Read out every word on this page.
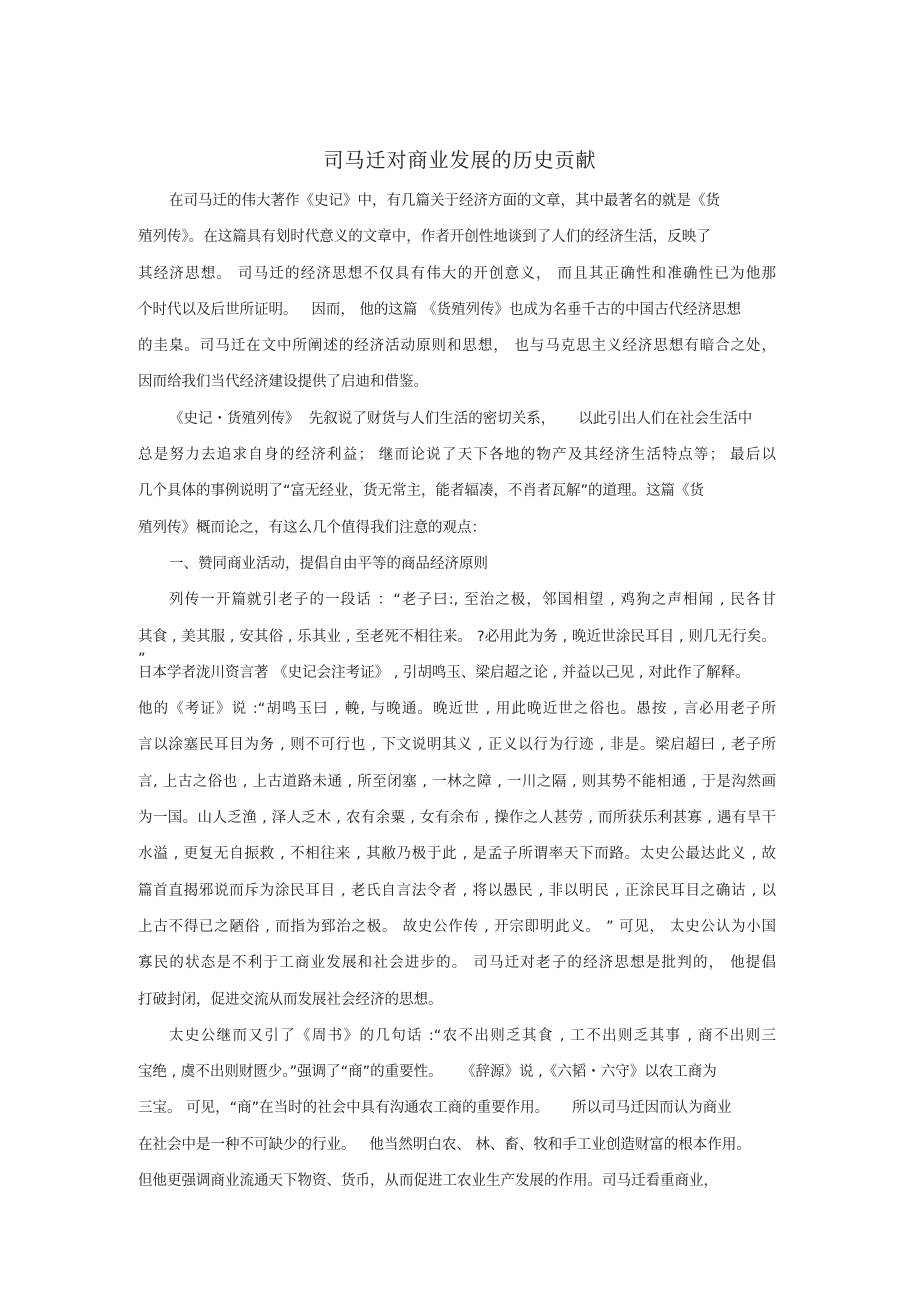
司马迁对商业发展的历史贡献
在司马迁的伟大著作《史记》中，有几篇关于经济方面的文章，其中最著名的就是《货
殖列传》。在这篇具有划时代意义的文章中，作者开创性地谈到了人们的经济生活，反映了
其经济思想。 司马迁的经济思想不仅具有伟大的开创意义， 而且其正确性和准确性已为他那
个时代以及后世所证明。   因而， 他的这篇 《货殖列传》也成为名垂千古的中国古代经济思想
的圭臬。司马迁在文中所阐述的经济活动原则和思想， 也与马克思主义经济思想有暗合之处，
因而给我们当代经济建设提供了启迪和借鉴。
《史记・货殖列传》  先叙说了财货与人们生活的密切关系，     以此引出人们在社会生活中
总是努力去追求自身的经济利益； 继而论说了天下各地的物产及其经济生活特点等； 最后以
几个具体的事例说明了“富无经业，货无常主，能者辐凑，不肖者瓦解”的道理。这篇《货
殖列传》概而论之，有这么几个值得我们注意的观点：
一、赞同商业活动，提倡自由平等的商品经济原则
列传一开篇就引老子的一段话 ：“老子曰:, 至治之极，邻国相望 , 鸡狗之声相闻 , 民各甘
其食 , 美其服 , 安其俗 , 乐其业 , 至老死不相往来。 ?必用此为务 , 晚近世涂民耳目 , 则几无行矣。 ”
日本学者泷川资言著 《史记会注考证》 , 引胡鸣玉、梁启超之论 , 并益以己见 , 对此作了解释。
他的《考证》说 :“胡鸣玉曰 , 輓, 与晚通。晚近世 , 用此晚近世之俗也。愚按 , 言必用老子所
言以涂塞民耳目为务 , 则不可行也 , 下文说明其义 , 正义以行为行迹 , 非是。梁启超曰 , 老子所
言, 上古之俗也 , 上古道路未通 , 所至闭塞 , 一林之障 , 一川之隔 , 则其势不能相通 , 于是沟然画
为一国。山人乏渔 , 泽人乏木 , 农有余粟 , 女有余布 , 操作之人甚劳 , 而所获乐利甚寡 , 遇有旱干
水溢 , 更复无自振救 , 不相往来 , 其敝乃极于此 , 是孟子所谓率天下而路。太史公最达此义 , 故
篇首直揭邪说而斥为涂民耳目 , 老氏自言法令者 , 将以愚民 , 非以明民 , 正涂民耳目之确诂 , 以
上古不得已之陋俗 , 而指为郅治之极。 故史公作传 , 开宗即明此义。 ” 可见， 太史公认为小国
寡民的状态是不利于工商业发展和社会进步的。 司马迁对老子的经济思想是批判的， 他提倡
打破封闭，促进交流从而发展社会经济的思想。
太史公继而又引了《周书》的几句话 :“农不出则乏其食 , 工不出则乏其事 , 商不出则三
宝绝 , 虞不出则财匮少。”强调了“商”的重要性。    《辞源》说 ,《六韬・六守》以农工商为
三宝。 可见，“商”在当时的社会中具有沟通农工商的重要作用。     所以司马迁因而认为商业
在社会中是一种不可缺少的行业。   他当然明白农、 林、畜、牧和手工业创造财富的根本作用。
但他更强调商业流通天下物资、货币，从而促进工农业生产发展的作用。司马迁看重商业，
